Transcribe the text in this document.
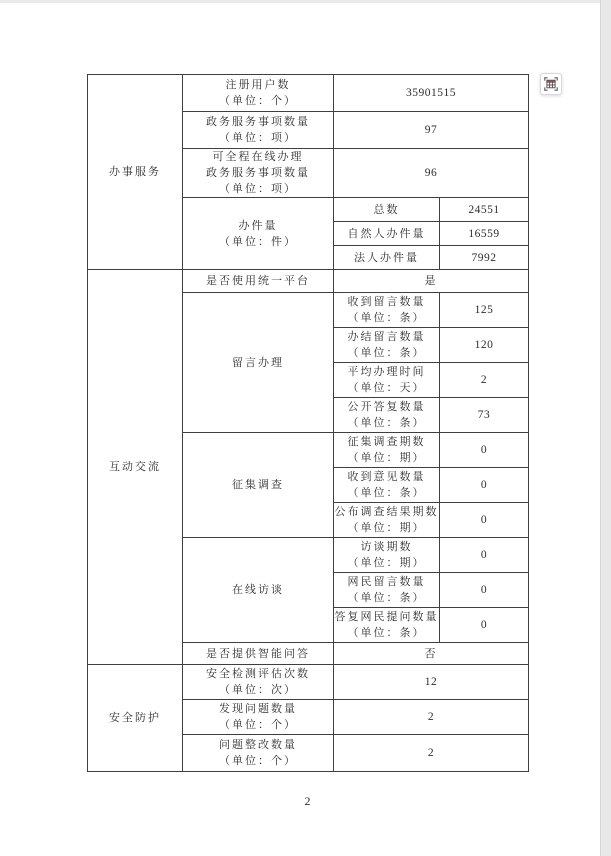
办事服务	注册用户数
（单位：个）	35901515	

	政务服务事项数量
（单位：项）	97	

	可全程在线办理
政务服务事项数量
（单位：项）	96	

	办件量
（单位：件）	总数	24551

		自然人办件量	16559

		法人办件量	7992

互动交流	是否使用统一平台	是	

	留言办理	收到留言数量
（单位：条）	125

		办结留言数量
（单位：条）	120

		平均办理时间
（单位：天）	2

		公开答复数量
（单位：条）	73

	征集调查	征集调查期数
（单位：期）	0

		收到意见数量
（单位：条）	0

		公布调查结果期数
（单位：期）	0

	在线访谈	访谈期数
（单位：期）	0

		网民留言数量
（单位：条）	0

		答复网民提问数量
（单位：条）	0

	是否提供智能问答	否	

安全防护	安全检测评估次数
（单位：次）	12	

	发现问题数量
（单位：个）	2	

	问题整改数量
（单位：个）	2	
2
